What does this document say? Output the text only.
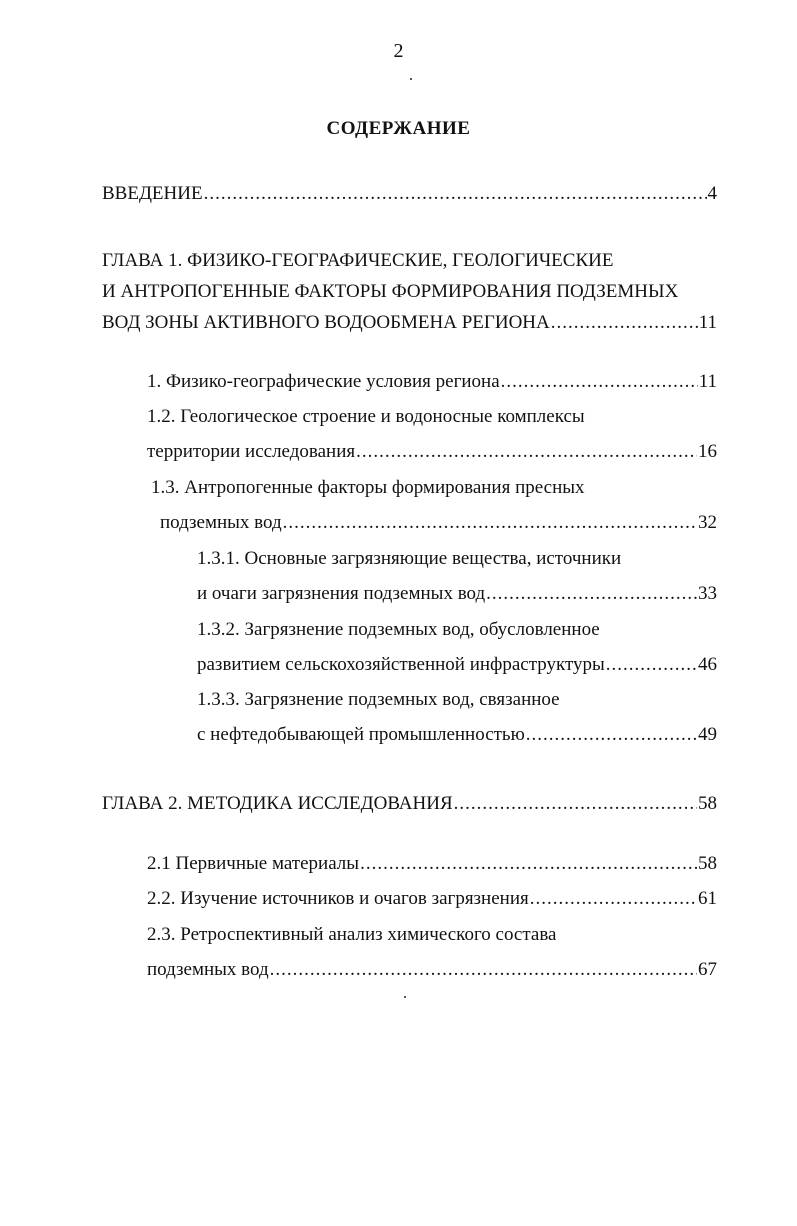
2
СОДЕРЖАНИЕ
ВВЕДЕНИЕ .....	4
ГЛАВА 1. ФИЗИКО-ГЕОГРАФИЧЕСКИЕ, ГЕОЛОГИЧЕСКИЕ
И АНТРОПОГЕННЫЕ ФАКТОРЫ ФОРМИРОВАНИЯ ПОДЗЕМНЫХ
ВОД ЗОНЫ АКТИВНОГО ВОДООБМЕНА РЕГИОНА .....	11
1. Физико-географические условия региона .....	11
1.2. Геологическое строение и водоносные комплексы
территории исследования .....	16
1.3. Антропогенные факторы формирования пресных
подземных вод .....	32
1.3.1. Основные загрязняющие вещества, источники
и очаги загрязнения подземных вод .....	33
1.3.2. Загрязнение подземных вод, обусловленное
развитием сельскохозяйственной инфраструктуры .....	46
1.3.3. Загрязнение подземных вод, связанное
с нефтедобывающей промышленностью .....	49
ГЛАВА 2. МЕТОДИКА ИССЛЕДОВАНИЯ .....	58
2.1 Первичные материалы .....	58
2.2. Изучение источников и очагов загрязнения .....	61
2.3. Ретроспективный анализ химического состава
подземных вод .....	67
